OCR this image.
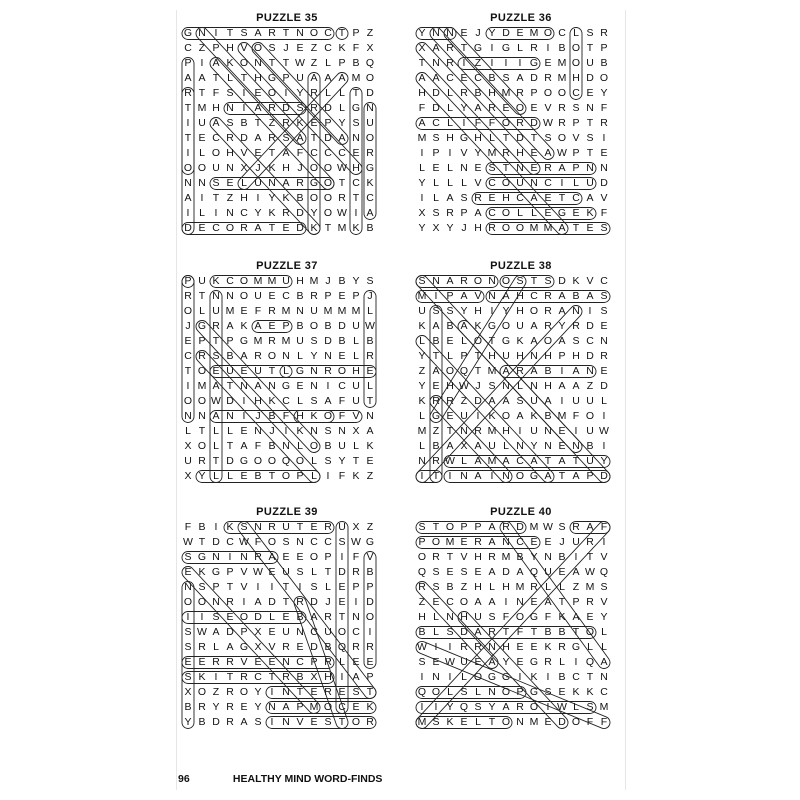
PUZZLE 35
G N I T S A R T N O C T P Z
C Z P H V O S J E Z C K F X
P I A K O N T T W Z L P B Q
A A T L T H G P U A A A M O
R T F S I E O I Y R L L T D
T M H N I A R D S R D L G N
I U A S B T Z R K E P Y S U
T E C R D A R S A T D A N O
I L O H V E T A F C C C E R
O O U N X J K H J O O W H G
N N S E L U N A R G O T C K
A I T Z H I Y K B O O R T C
I L I N C Y K R D Y O W I A
D E C O R A T E D K T M K B
PUZZLE 36
Y N N E J Y D E M O C L S R
X A R T G I G L R I B O T P
T N R I Z I	I	I G E M O U B
A A C E C B S A D R M H D O
H D L R B H M R P O O C E Y
F D L Y A R E O E V R S N F
A C L I F F O R D W R P T R
M S H G H L T D T S O V S I
I P I V Y M R H E A W P T E
L E L N E S T N E R A P N N
Y L L L V C O U N C I L U D
I L A S R E H C A E T C A V
X S R P A C O L L E G E K F
Y X Y J H R O O M M A T E S
PUZZLE 37
P U K C O M M U H M J B Y S
R T N N O U E C B R P E P J
O L U M E F R M N U M M M L
J G R A K A E P B O B D U W
E P T P G M R M U S D B L B
C R S B A R O N L Y N E L R
T O E U E U T L G N R O H E
I M A T N A N G E N I C U L
O O W D I H K C L S A F U T
N N A N I J B F H K O F V N
L T L L E N J I K N S N X A
X O L T A F B N L O B U L K
U R T D G O O Q O L S Y T E
X Y L L E B T O P L I F K Z
PUZZLE 38
S N A R O N O S T S D K V C
M I P A V N A H C R A B A S
U S S Y H I Y H O R A N I S
K A B A K G O U A R Y R D E
L B E L O T G K A O A S C N
Y T L P T H U H N H P H D R
Z A O Q T M A R A B I A N E
Y E H W J S N L N H A A Z D
K R R Z D A A S U A I U U L
L G E U I K O A K B M F O I
M Z T N R M H I U N E I U W
L B A X A U L N Y N E N B I
N R W L A M A C A T A T U Y
I T I N A I N O G A T A P D
PUZZLE 39
F B I K S N R U T E R U X Z
W T D C W F O S N C C S W G
S G N I N R A E E O P I F V
E K G P V W E U S L T D R B
N S P T V I	I T I S L E P P
O O N R I A D T R D J E I D
I	I S E O D L E B A R T N O
S W A D P X E U N C U O C I
S R L A G X V R E D B Q R R
E E R R V E E N C P R L E E
S K I T R C T R B X H I A P
X O Z R O Y I N T E R E S T
B R Y R E Y N A P M O C E K
Y B D R A S I N V E S T O R
PUZZLE 40
S T O P P A R D M W S R A F
P O M E R A N C E E J U R I
O R T V H R M B Y N B I T V
Q S E S E A D A Q U E A W Q
R S B Z H L H M R L L Z M S
Z E C O A A I N E A T P R V
H L N H U S F O G F K A E Y
B L S D A R T F T B B T O L
W I	I R R N H E E K R G L L
S E W U E A Y E G R L I Q A
I N I L O G G I K I B C T N
Q O L S L N O P G S E K K C
I	I Y Q S Y A R O I W L S M
M S K E L T O N M E D O F F
96	HEALTHY MIND WORD-FINDS
